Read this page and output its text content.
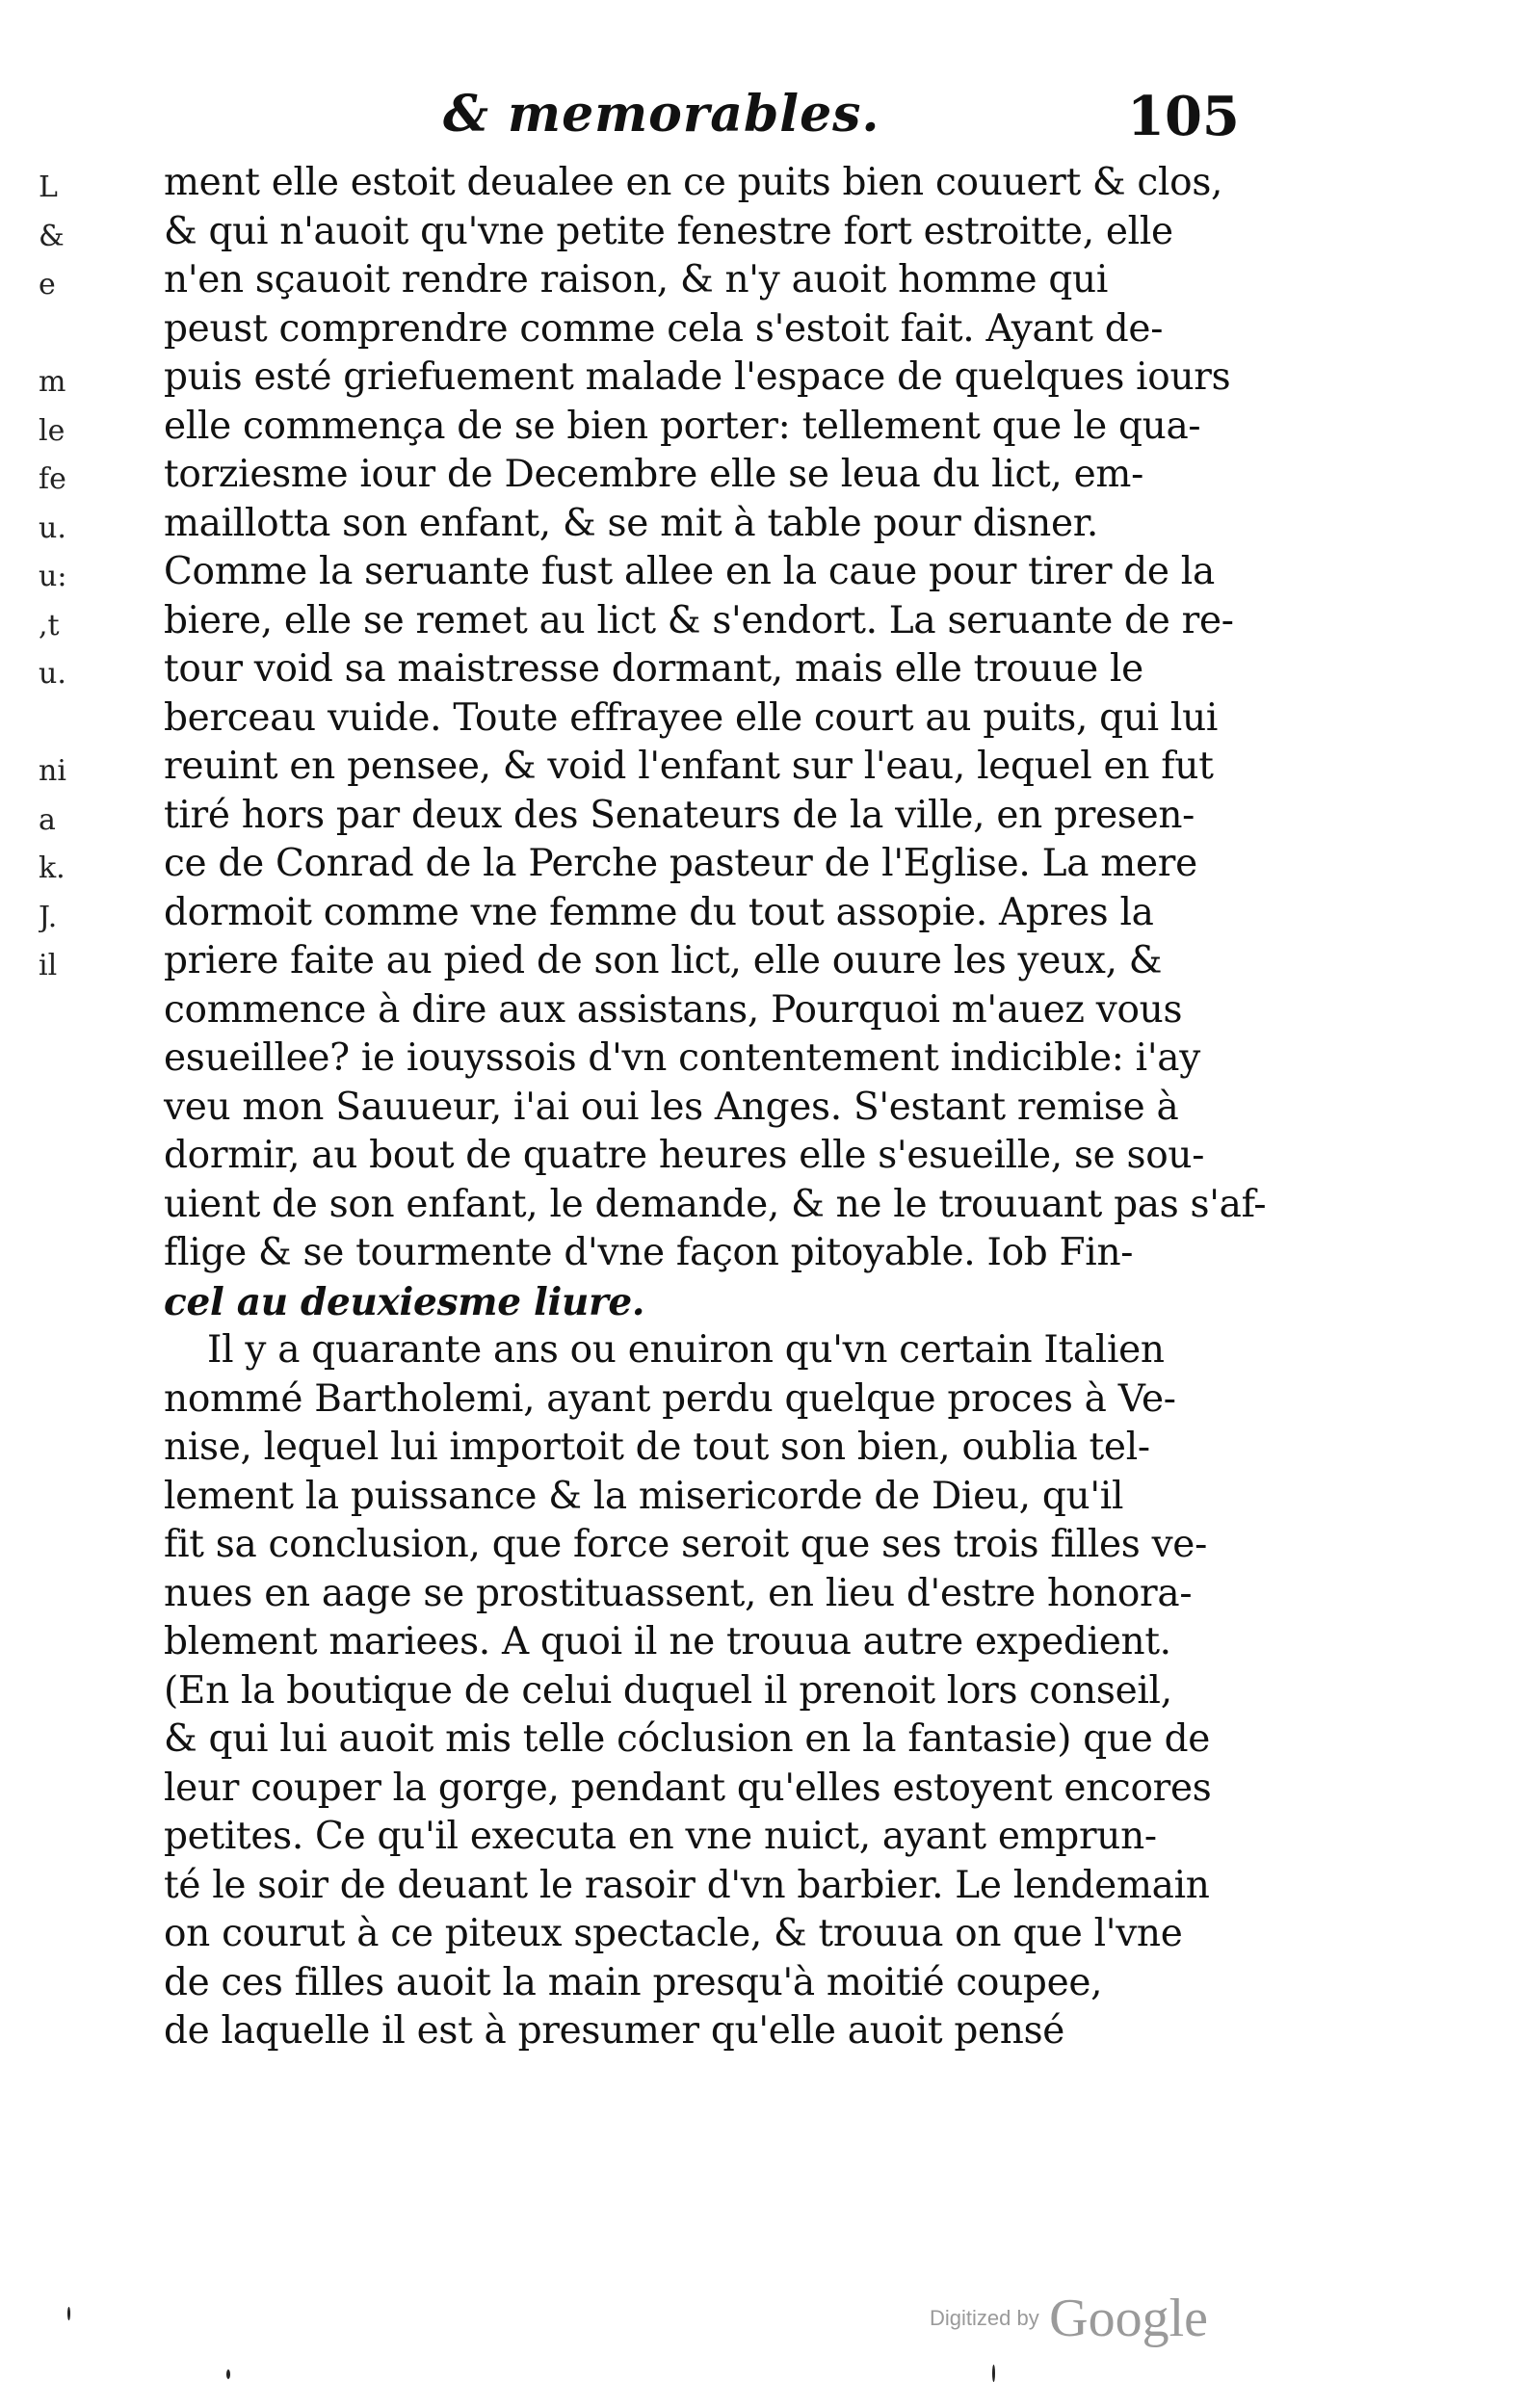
& memorables.	105
L
&
e
m
le
fe
u.
u:
,t
u.
ni
a
k.
J.
il
ment elle estoit deualee en ce puits bien couuert & clos,
& qui n'auoit qu'vne petite fenestre fort estroitte, elle
n'en sçauoit rendre raison, & n'y auoit homme qui
peust comprendre comme cela s'estoit fait. Ayant de-
puis esté griefuement malade l'espace de quelques iours
elle commença de se bien porter: tellement que le qua-
torziesme iour de Decembre elle se leua du lict, em-
maillotta son enfant, & se mit à table pour disner.
Comme la seruante fust allee en la caue pour tirer de la
biere, elle se remet au lict & s'endort. La seruante de re-
tour void sa maistresse dormant, mais elle trouue le
berceau vuide. Toute effrayee elle court au puits, qui lui
reuint en pensee, & void l'enfant sur l'eau, lequel en fut
tiré hors par deux des Senateurs de la ville, en presen-
ce de Conrad de la Perche pasteur de l'Eglise. La mere
dormoit comme vne femme du tout assopie. Apres la
priere faite au pied de son lict, elle ouure les yeux, &
commence à dire aux assistans, Pourquoi m'auez vous
esueillee? ie iouyssois d'vn contentement indicible: i'ay
veu mon Sauueur, i'ai oui les Anges. S'estant remise à
dormir, au bout de quatre heures elle s'esueille, se sou-
uient de son enfant, le demande, & ne le trouuant pas s'af-
flige & se tourmente d'vne façon pitoyable. Iob Fin-
cel au deuxiesme liure.
Il y a quarante ans ou enuiron qu'vn certain Italien
nommé Bartholemi, ayant perdu quelque proces à Ve-
nise, lequel lui importoit de tout son bien, oublia tel-
lement la puissance & la misericorde de Dieu, qu'il
fit sa conclusion, que force seroit que ses trois filles ve-
nues en aage se prostituassent, en lieu d'estre honora-
blement mariees. A quoi il ne trouua autre expedient.
(En la boutique de celui duquel il prenoit lors conseil,
& qui lui auoit mis telle cóclusion en la fantasie) que de
leur couper la gorge, pendant qu'elles estoyent encores
petites. Ce qu'il executa en vne nuict, ayant emprun-
té le soir de deuant le rasoir d'vn barbier. Le lendemain
on courut à ce piteux spectacle, & trouua on que l'vne
de ces filles auoit la main presqu'à moitié coupee,
de laquelle il est à presumer qu'elle auoit pensé
Digitized by Google
